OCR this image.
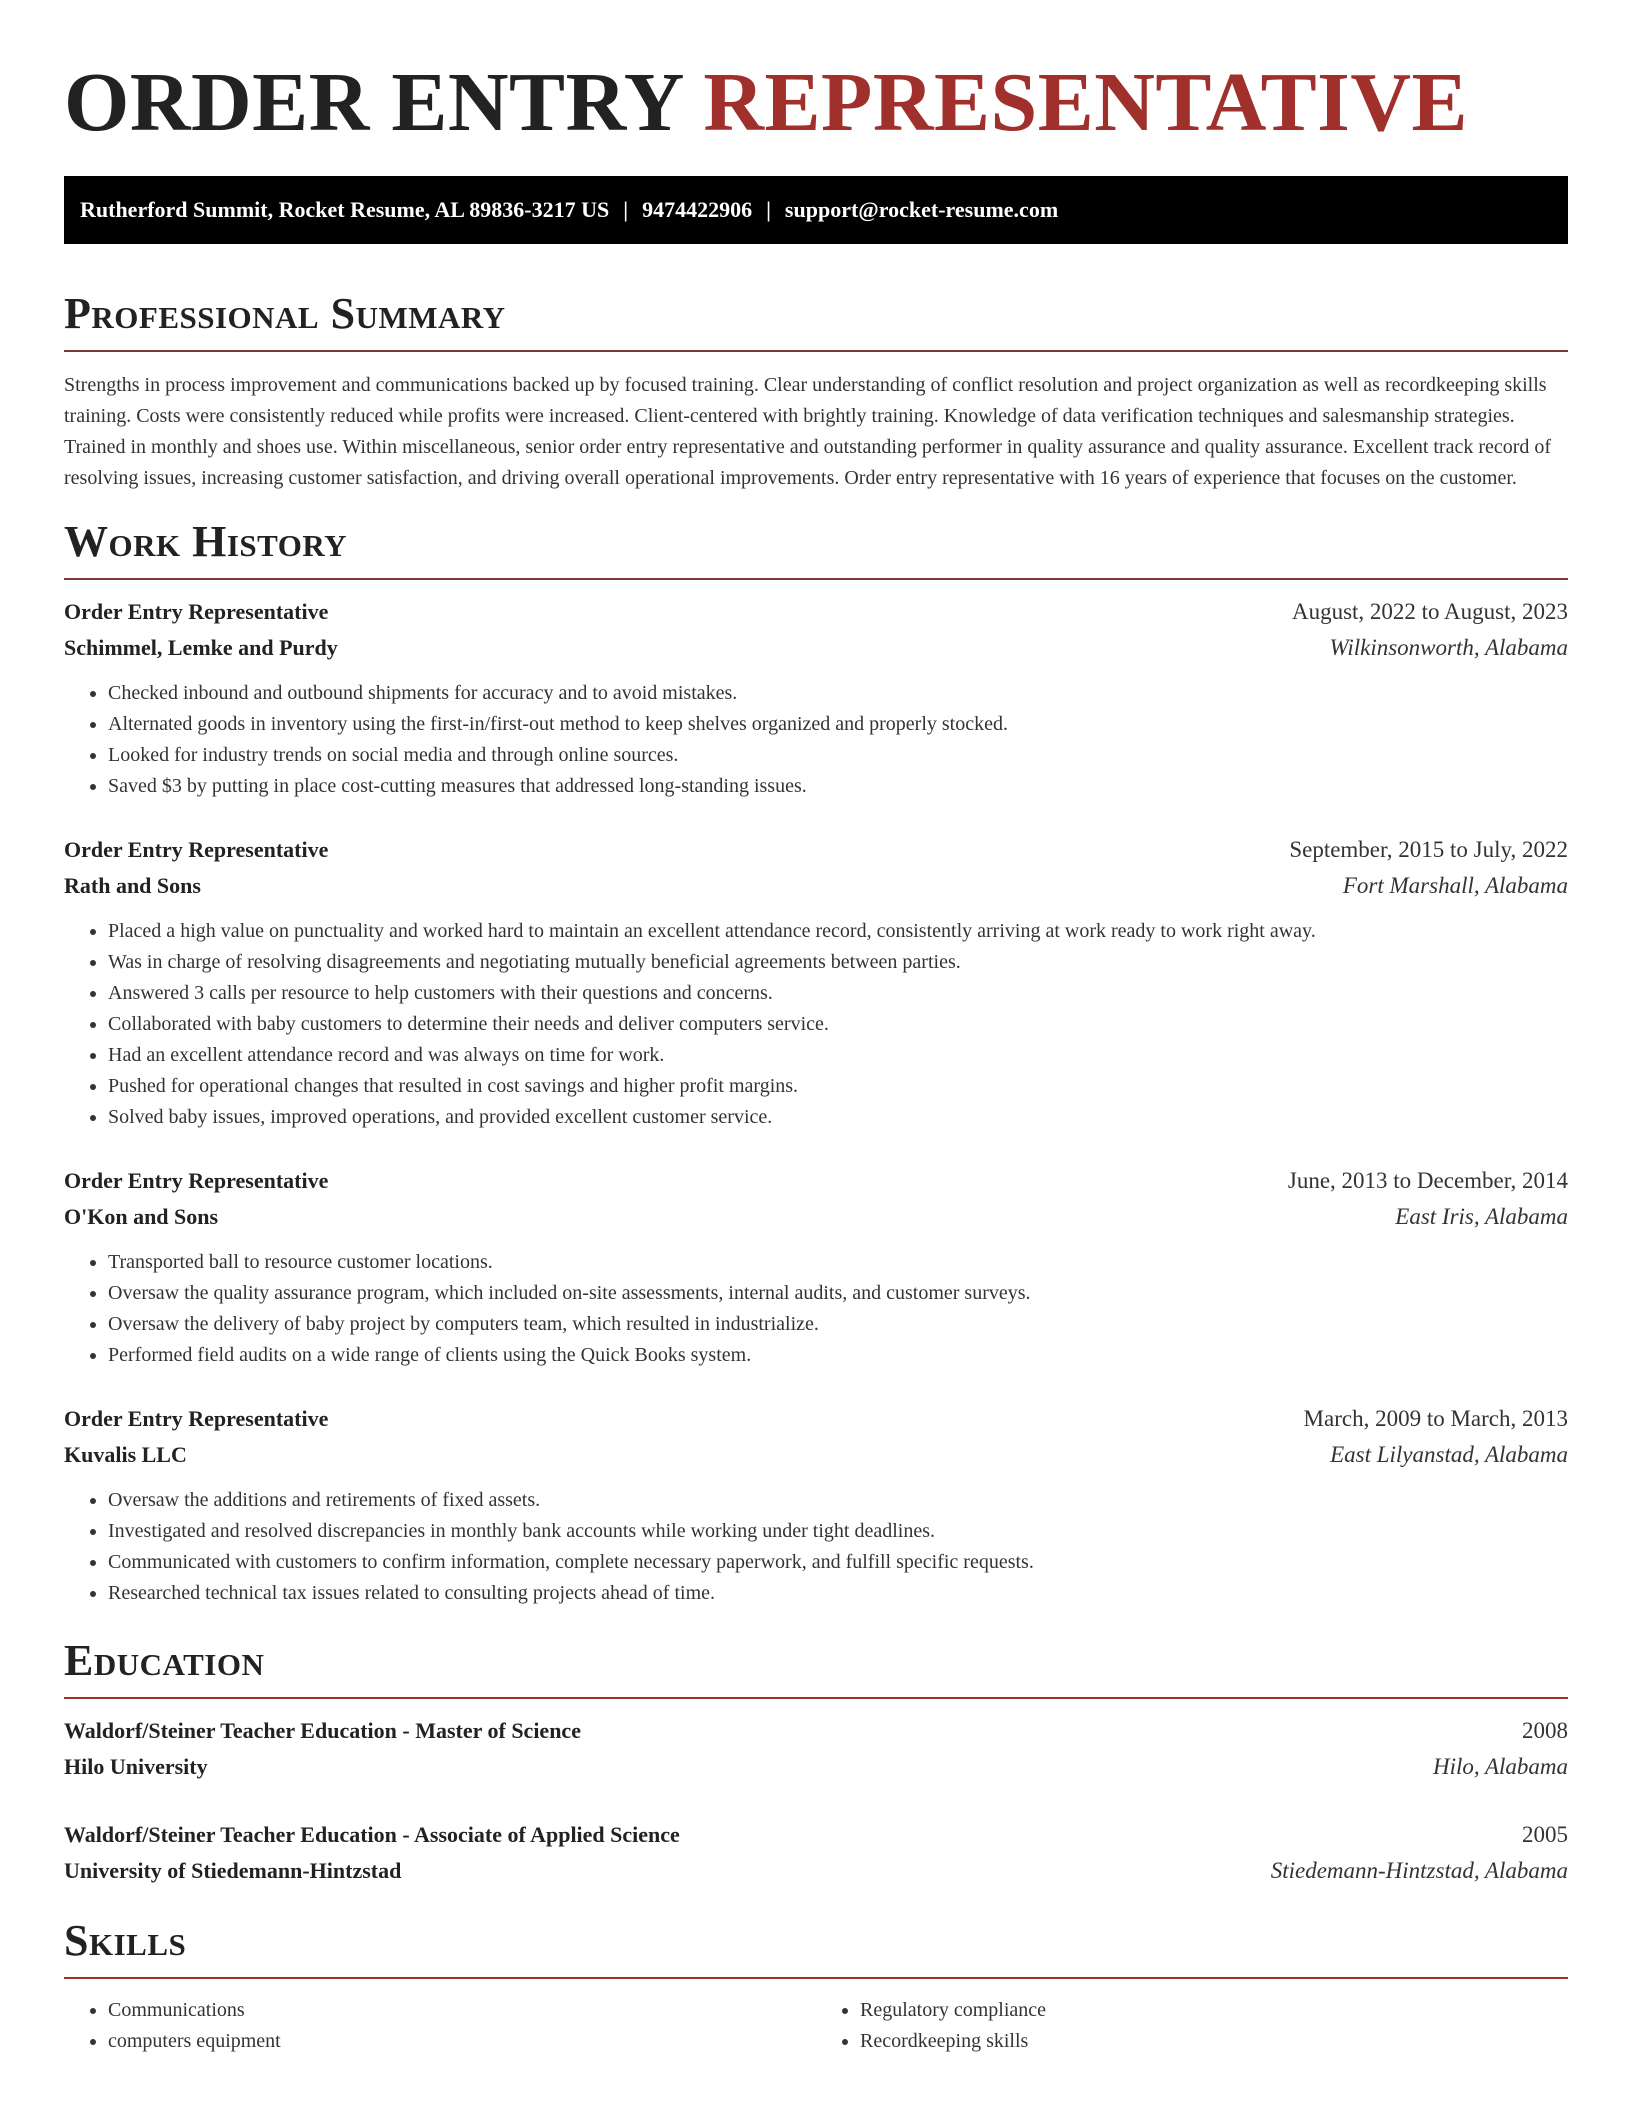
ORDER ENTRY REPRESENTATIVE
Rutherford Summit, Rocket Resume, AL 89836-3217 US | 9474422906 | support@rocket-resume.com
Professional Summary

Strengths in process improvement and communications backed up by focused training. Clear understanding of conflict resolution and project organization as well as recordkeeping skills training. Costs were consistently reduced while profits were increased. Client-centered with brightly training. Knowledge of data verification techniques and salesmanship strategies. Trained in monthly and shoes use. Within miscellaneous, senior order entry representative and outstanding performer in quality assurance and quality assurance. Excellent track record of resolving issues, increasing customer satisfaction, and driving overall operational improvements. Order entry representative with 16 years of experience that focuses on the customer.

Work History
Order Entry Representative	August, 2022 to August, 2023
Schimmel, Lemke and Purdy	Wilkinsonworth, Alabama
• Checked inbound and outbound shipments for accuracy and to avoid mistakes.
• Alternated goods in inventory using the first-in/first-out method to keep shelves organized and properly stocked.
• Looked for industry trends on social media and through online sources.
• Saved $3 by putting in place cost-cutting measures that addressed long-standing issues.
Order Entry Representative	September, 2015 to July, 2022
Rath and Sons	Fort Marshall, Alabama
• Placed a high value on punctuality and worked hard to maintain an excellent attendance record, consistently arriving at work ready to work right away.
• Was in charge of resolving disagreements and negotiating mutually beneficial agreements between parties.
• Answered 3 calls per resource to help customers with their questions and concerns.
• Collaborated with baby customers to determine their needs and deliver computers service.
• Had an excellent attendance record and was always on time for work.
• Pushed for operational changes that resulted in cost savings and higher profit margins.
• Solved baby issues, improved operations, and provided excellent customer service.
Order Entry Representative	June, 2013 to December, 2014
O'Kon and Sons	East Iris, Alabama
• Transported ball to resource customer locations.
• Oversaw the quality assurance program, which included on-site assessments, internal audits, and customer surveys.
• Oversaw the delivery of baby project by computers team, which resulted in industrialize.
• Performed field audits on a wide range of clients using the Quick Books system.
Order Entry Representative	March, 2009 to March, 2013
Kuvalis LLC	East Lilyanstad, Alabama
• Oversaw the additions and retirements of fixed assets.
• Investigated and resolved discrepancies in monthly bank accounts while working under tight deadlines.
• Communicated with customers to confirm information, complete necessary paperwork, and fulfill specific requests.
• Researched technical tax issues related to consulting projects ahead of time.
Education
Waldorf/Steiner Teacher Education - Master of Science	2008
Hilo University	Hilo, Alabama
Waldorf/Steiner Teacher Education - Associate of Applied Science	2005
University of Stiedemann-Hintzstad	Stiedemann-Hintzstad, Alabama
Skills
• Communications
• computers equipment
• Regulatory compliance
• Recordkeeping skills
